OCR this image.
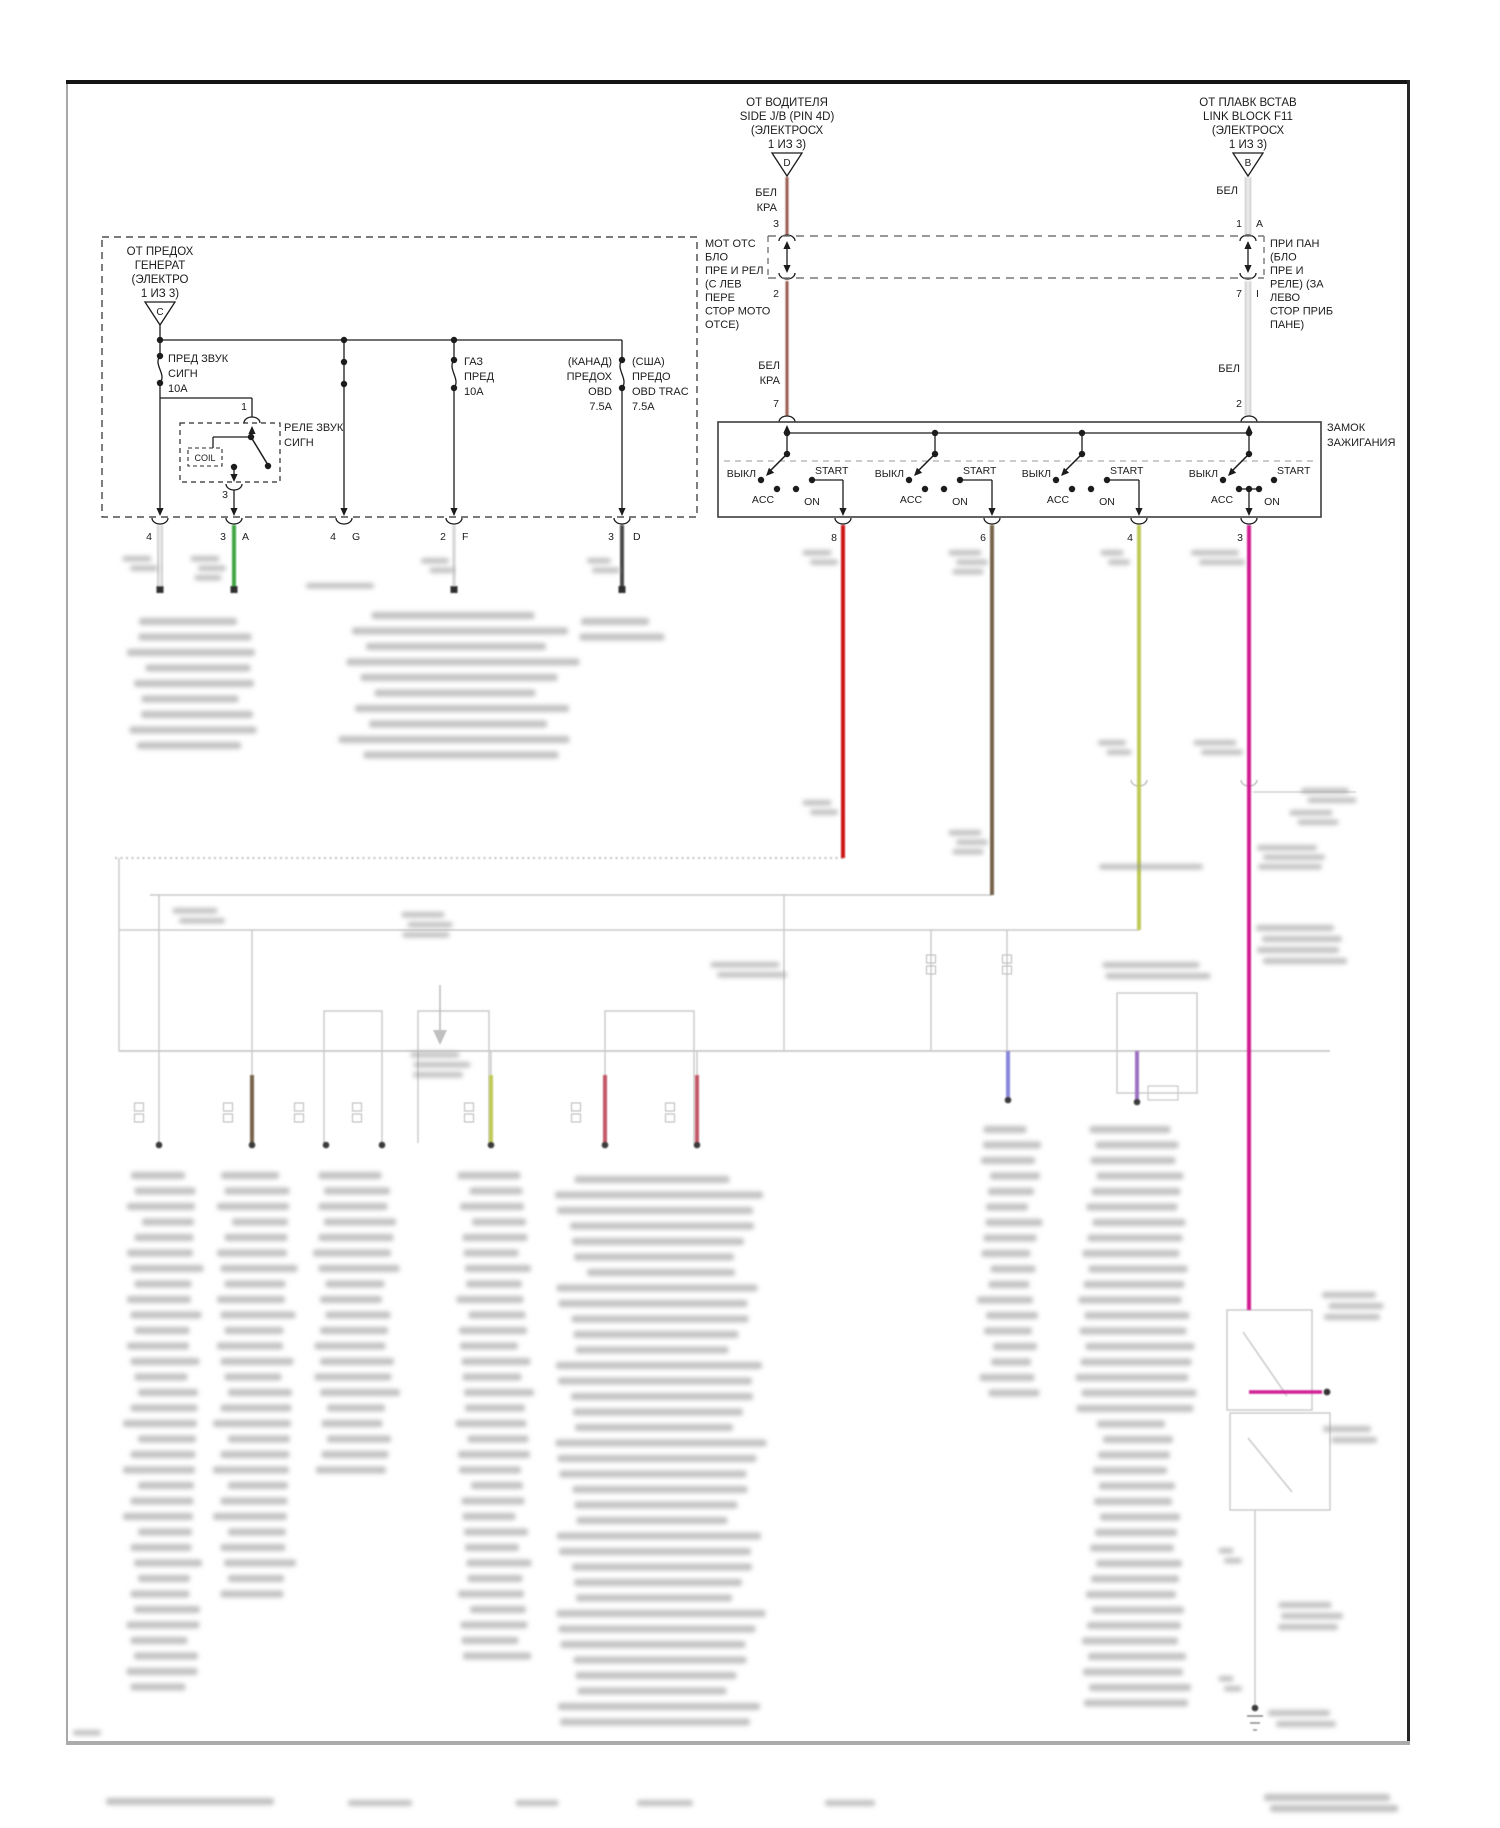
ОТ ВОДИТЕЛЯ	ОТ ПЛАВК ВСТАВ
ОТ ПРЕДОХ
SIDE J/B (PIN 4D)	LINK BLOCK F11
ГЕНЕРАТ
(ЭЛЕКТРОСХ	(ЭЛЕКТРОСХ
(ЭЛЕКТРО
1 ИЗ 3)	1 ИЗ 3)
1 ИЗ 3)
D	B
C
БЕЛ
КРА
3
2
БЕЛ
КРА
7
БЕЛ
1 A
7 I
БЕЛ
2
МОТ ОТС	ПРИ ПАН
БЛО	(БЛО
ПРЕ И РЕЛ	ПРЕ И
(С ЛЕВ	РЕЛЕ) (ЗА
ПЕРЕ	ЛЕВО
СТОР МОТО	СТОР ПРИБ
ОТСЕ)	ПАНЕ)
ПРЕД ЗВУК
СИГН
10А
1
РЕЛЕ ЗВУК
СИГН
COIL
3
ГАЗ
ПРЕД
10А
(КАНАД) (США)
ПРЕДОХ ПРЕДО
OBD OBD TRAC
7.5А 7.5А
4	3 A	4 G	2 F	3 D
ЗАМОК
ЗАЖИГАНИЯ
ВЫКЛ	START
ACC	ON
ВЫКЛ	START
ACC	ON
ВЫКЛ	START
ACC	ON
ВЫКЛ	START
ACC	ON
8	6	4	3
